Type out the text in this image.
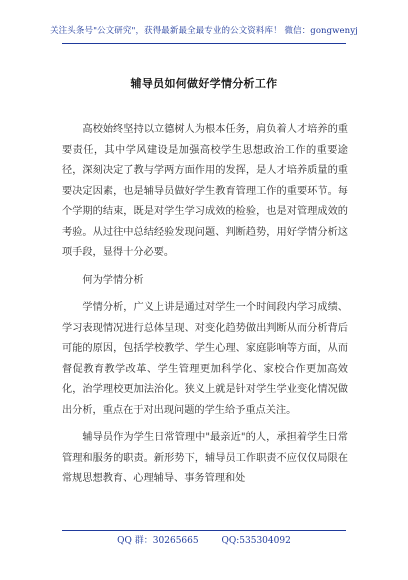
关注头条号"公文研究"，获得最新最全最专业的公文资料库！ 微信：gongwenyj
辅导员如何做好学情分析工作

高校始终坚持以立德树人为根本任务，肩负着人才培养的重要责任，其中学风建设是加强高校学生思想政治工作的重要途径，深刻决定了教与学两方面作用的发挥，是人才培养质量的重要决定因素，也是辅导员做好学生教育管理工作的重要环节。每个学期的结束，既是对学生学习成效的检验，也是对管理成效的考验。从过往中总结经验发现问题、判断趋势，用好学情分析这项手段，显得十分必要。

何为学情分析

学情分析，广义上讲是通过对学生一个时间段内学习成绩、学习表现情况进行总体呈现、对变化趋势做出判断从而分析背后可能的原因，包括学校教学、学生心理、家庭影响等方面，从而督促教育教学改革、学生管理更加科学化、家校合作更加高效化，治学理校更加法治化。狭义上就是针对学生学业变化情况做出分析，重点在于对出现问题的学生给予重点关注。

辅导员作为学生日常管理中"最亲近"的人，承担着学生日常管理和服务的职责。新形势下，辅导员工作职责不应仅仅局限在常规思想教育、心理辅导、事务管理和处

QQ 群：30265665	QQ:535304092
